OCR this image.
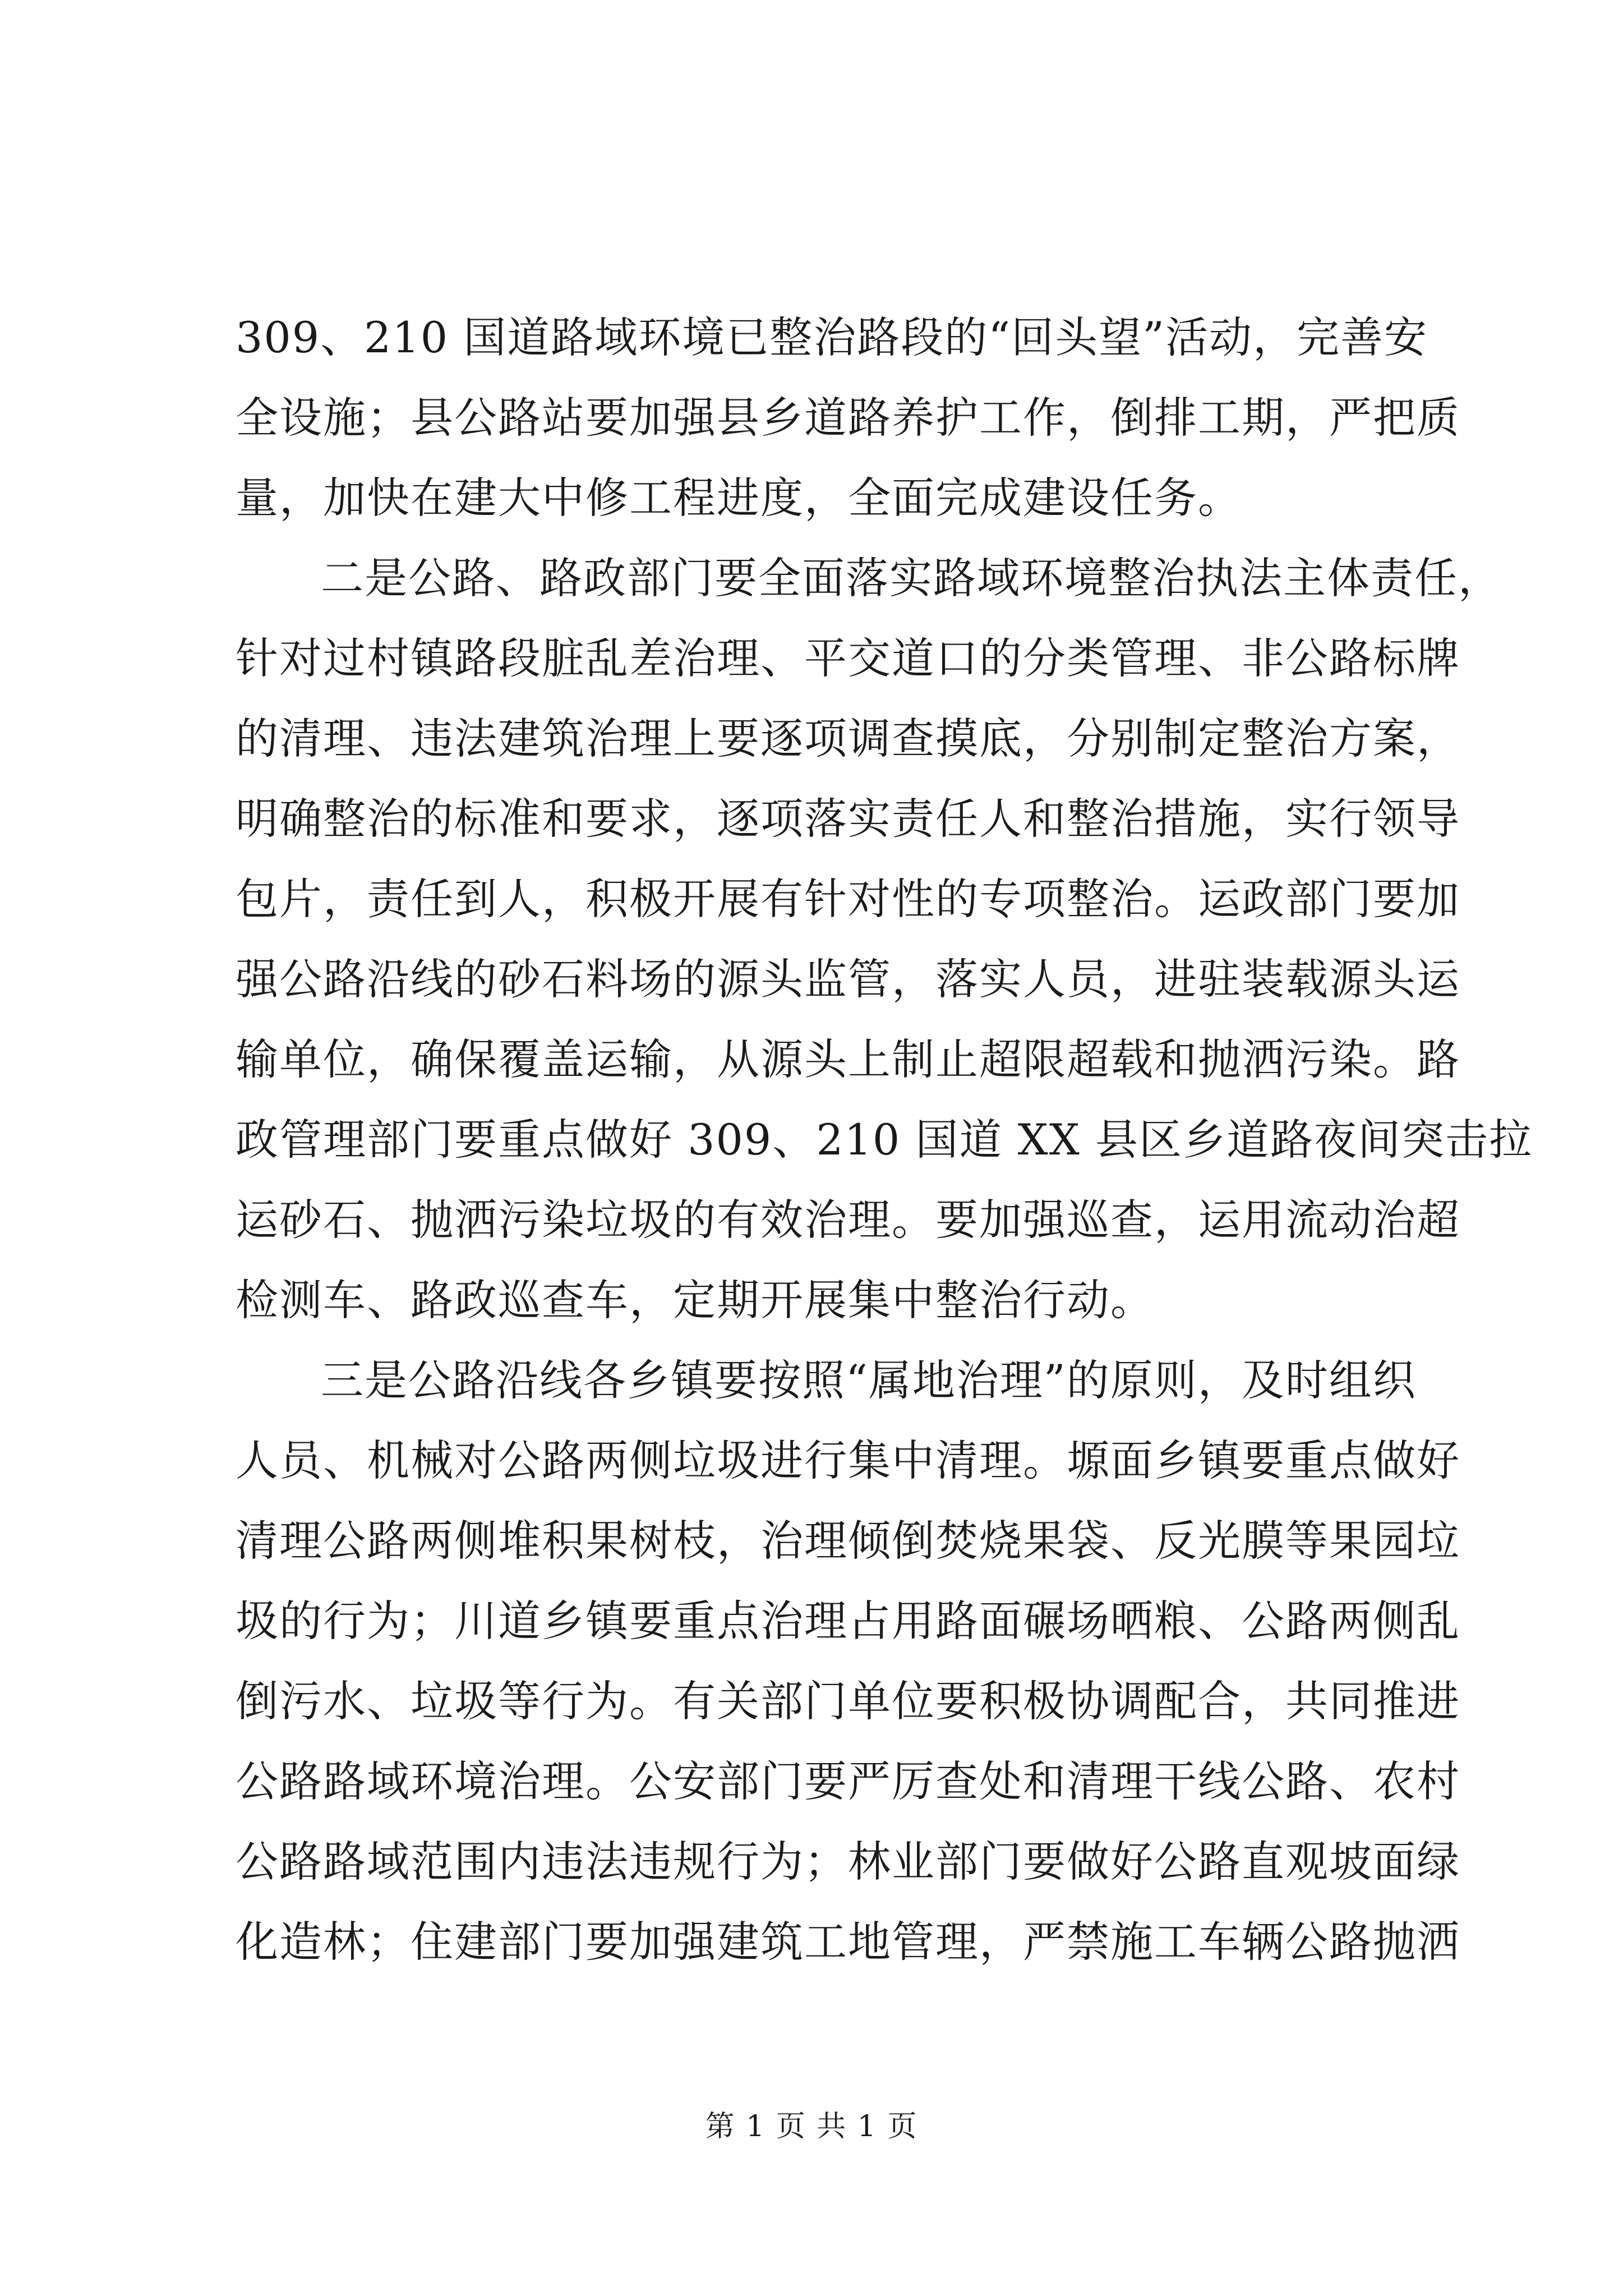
309、210 国道路域环境已整治路段的“回头望”活动，完善安
全设施；县公路站要加强县乡道路养护工作，倒排工期，严把质
量，加快在建大中修工程进度，全面完成建设任务。
二是公路、路政部门要全面落实路域环境整治执法主体责任，
针对过村镇路段脏乱差治理、平交道口的分类管理、非公路标牌
的清理、违法建筑治理上要逐项调查摸底，分别制定整治方案，
明确整治的标准和要求，逐项落实责任人和整治措施，实行领导
包片，责任到人，积极开展有针对性的专项整治。运政部门要加
强公路沿线的砂石料场的源头监管，落实人员，进驻装载源头运
输单位，确保覆盖运输，从源头上制止超限超载和抛洒污染。路
政管理部门要重点做好 309、210 国道 XX 县区乡道路夜间突击拉
运砂石、抛洒污染垃圾的有效治理。要加强巡查，运用流动治超
检测车、路政巡查车，定期开展集中整治行动。
三是公路沿线各乡镇要按照“属地治理”的原则，及时组织
人员、机械对公路两侧垃圾进行集中清理。塬面乡镇要重点做好
清理公路两侧堆积果树枝，治理倾倒焚烧果袋、反光膜等果园垃
圾的行为；川道乡镇要重点治理占用路面碾场晒粮、公路两侧乱
倒污水、垃圾等行为。有关部门单位要积极协调配合，共同推进
公路路域环境治理。公安部门要严厉查处和清理干线公路、农村
公路路域范围内违法违规行为；林业部门要做好公路直观坡面绿
化造林；住建部门要加强建筑工地管理，严禁施工车辆公路抛洒
第 1 页 共 1 页
